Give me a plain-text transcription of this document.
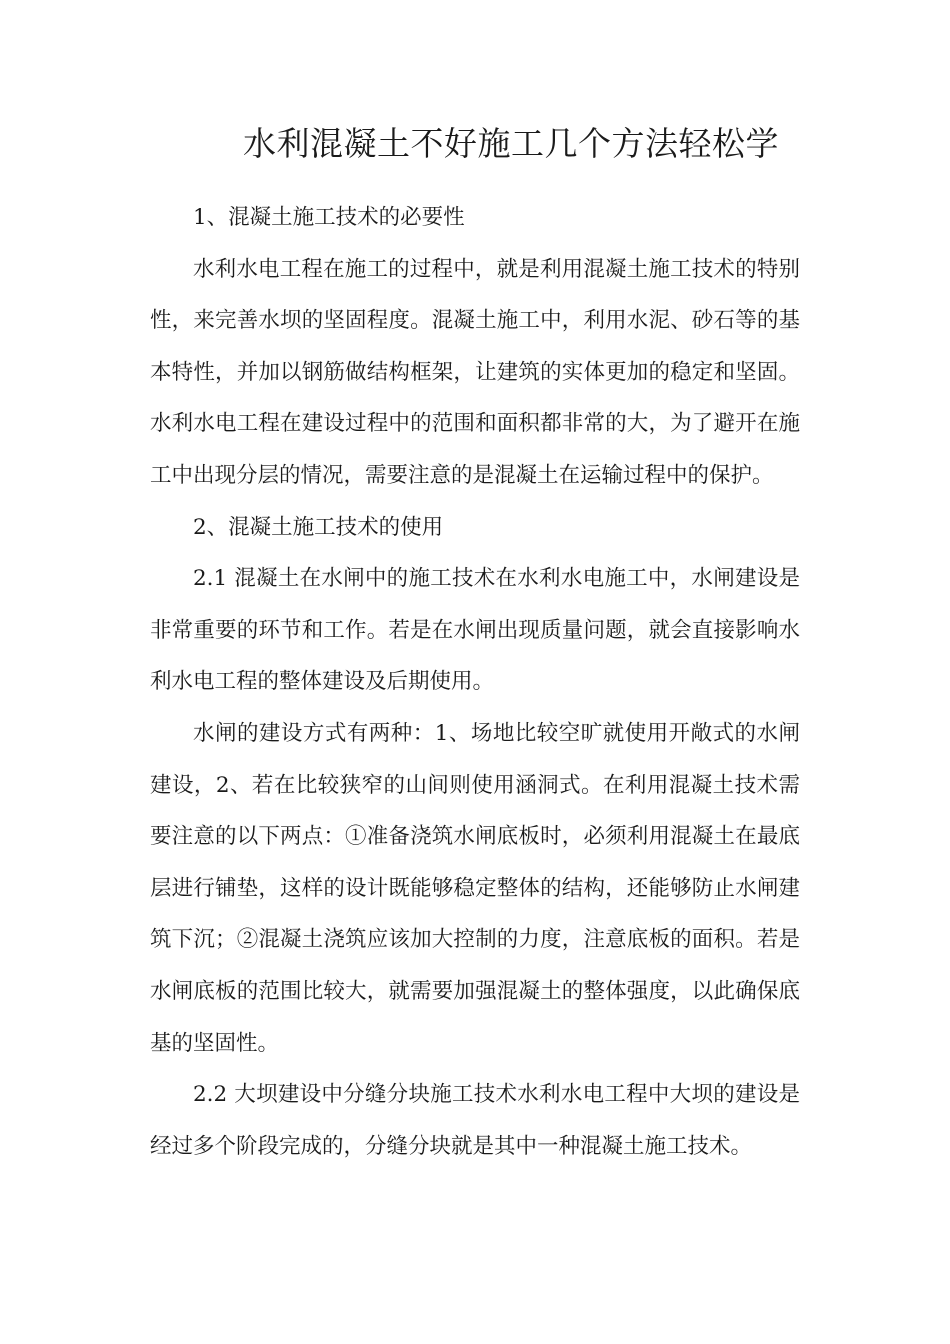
水利混凝土不好施工几个方法轻松学

1、混凝土施工技术的必要性

水利水电工程在施工的过程中，就是利用混凝土施工技术的特别性，来完善水坝的坚固程度。混凝土施工中，利用水泥、砂石等的基本特性，并加以钢筋做结构框架，让建筑的实体更加的稳定和坚固。水利水电工程在建设过程中的范围和面积都非常的大，为了避开在施工中出现分层的情况，需要注意的是混凝土在运输过程中的保护。

2、混凝土施工技术的使用

2.1 混凝土在水闸中的施工技术在水利水电施工中，水闸建设是非常重要的环节和工作。若是在水闸出现质量问题，就会直接影响水利水电工程的整体建设及后期使用。

水闸的建设方式有两种：1、场地比较空旷就使用开敞式的水闸建设，2、若在比较狭窄的山间则使用涵洞式。在利用混凝土技术需要注意的以下两点：①准备浇筑水闸底板时，必须利用混凝土在最底层进行铺垫，这样的设计既能够稳定整体的结构，还能够防止水闸建筑下沉；②混凝土浇筑应该加大控制的力度，注意底板的面积。若是水闸底板的范围比较大，就需要加强混凝土的整体强度，以此确保底基的坚固性。

2.2 大坝建设中分缝分块施工技术水利水电工程中大坝的建设是经过多个阶段完成的，分缝分块就是其中一种混凝土施工技术。
